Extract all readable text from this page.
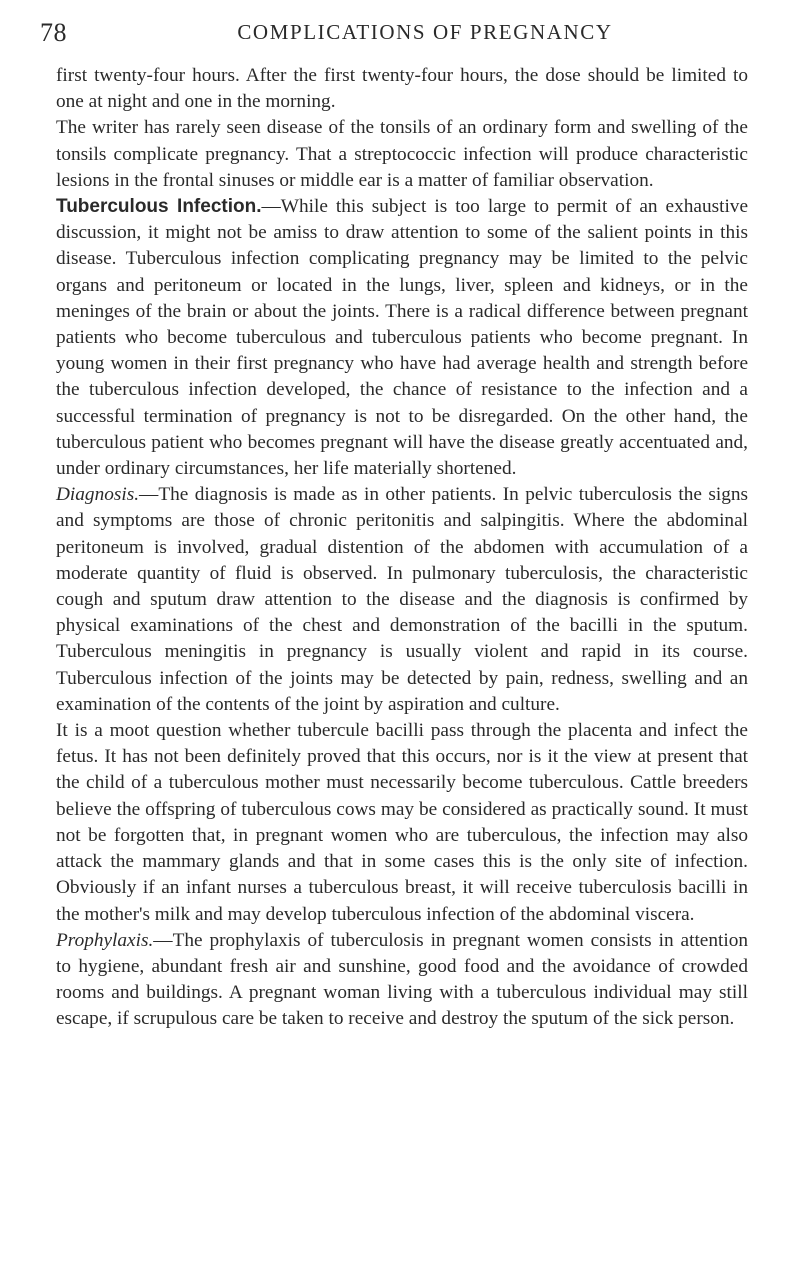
78	COMPLICATIONS OF PREGNANCY

first twenty-four hours. After the first twenty-four hours, the dose should be limited to one at night and one in the morning.

The writer has rarely seen disease of the tonsils of an ordinary form and swelling of the tonsils complicate pregnancy. That a streptococcic infection will produce characteristic lesions in the frontal sinuses or middle ear is a matter of familiar observation.

Tuberculous Infection.—While this subject is too large to permit of an exhaustive discussion, it might not be amiss to draw attention to some of the salient points in this disease. Tuberculous infection complicating pregnancy may be limited to the pelvic organs and peritoneum or located in the lungs, liver, spleen and kidneys, or in the meninges of the brain or about the joints. There is a radical difference between pregnant patients who become tuberculous and tuberculous patients who become pregnant. In young women in their first pregnancy who have had average health and strength before the tuberculous infection developed, the chance of resistance to the infection and a successful termination of pregnancy is not to be disregarded. On the other hand, the tuberculous patient who becomes pregnant will have the disease greatly accentuated and, under ordinary circumstances, her life materially shortened.

Diagnosis.—The diagnosis is made as in other patients. In pelvic tuberculosis the signs and symptoms are those of chronic peritonitis and salpingitis. Where the abdominal peritoneum is involved, gradual distention of the abdomen with accumulation of a moderate quantity of fluid is observed. In pulmonary tuberculosis, the characteristic cough and sputum draw attention to the disease and the diagnosis is confirmed by physical examinations of the chest and demonstration of the bacilli in the sputum. Tuberculous meningitis in pregnancy is usually violent and rapid in its course. Tuberculous infection of the joints may be detected by pain, redness, swelling and an examination of the contents of the joint by aspiration and culture.

It is a moot question whether tubercule bacilli pass through the placenta and infect the fetus. It has not been definitely proved that this occurs, nor is it the view at present that the child of a tuberculous mother must necessarily become tuberculous. Cattle breeders believe the offspring of tuberculous cows may be considered as practically sound. It must not be forgotten that, in pregnant women who are tuberculous, the infection may also attack the mammary glands and that in some cases this is the only site of infection. Obviously if an infant nurses a tuberculous breast, it will receive tuberculosis bacilli in the mother's milk and may develop tuberculous infection of the abdominal viscera.

Prophylaxis.—The prophylaxis of tuberculosis in pregnant women consists in attention to hygiene, abundant fresh air and sunshine, good food and the avoidance of crowded rooms and buildings. A pregnant woman living with a tuberculous individual may still escape, if scrupulous care be taken to receive and destroy the sputum of the sick person.
